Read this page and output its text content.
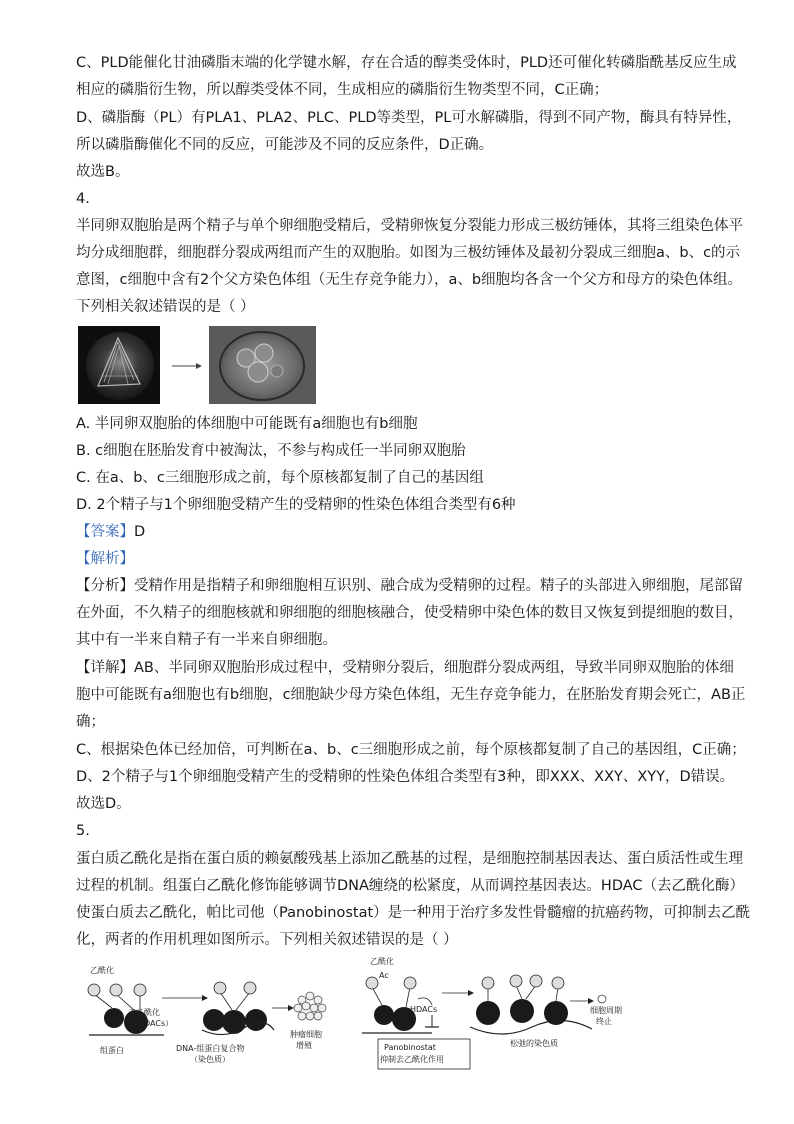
C、PLD能催化甘油磷脂末端的化学键水解，存在合适的醇类受体时，PLD还可催化转磷脂酰基反应生成
相应的磷脂衍生物，所以醇类受体不同，生成相应的磷脂衍生物类型不同，C正确；
D、磷脂酶（PL）有PLA1、PLA2、PLC、PLD等类型，PL可水解磷脂，得到不同产物，酶具有特异性，
所以磷脂酶催化不同的反应，可能涉及不同的反应条件，D正确。
故选B。
4.
半同卵双胞胎是两个精子与单个卵细胞受精后，受精卵恢复分裂能力形成三极纺锤体，其将三组染色体平
均分成细胞群，细胞群分裂成两组而产生的双胞胎。如图为三极纺锤体及最初分裂成三细胞a、b、c的示
意图，c细胞中含有2个父方染色体组（无生存竞争能力），a、b细胞均各含一个父方和母方的染色体组。
下列相关叙述错误的是（ ）
A. 半同卵双胞胎的体细胞中可能既有a细胞也有b细胞
B. c细胞在胚胎发育中被淘汰，不参与构成任一半同卵双胞胎
C. 在a、b、c三细胞形成之前，每个原核都复制了自己的基因组
D. 2个精子与1个卵细胞受精产生的受精卵的性染色体组合类型有6种
【答案】D
【解析】
【分析】受精作用是指精子和卵细胞相互识别、融合成为受精卵的过程。精子的头部进入卵细胞，尾部留
在外面，不久精子的细胞核就和卵细胞的细胞核融合，使受精卵中染色体的数目又恢复到提细胞的数目，
其中有一半来自精子有一半来自卵细胞。
【详解】AB、半同卵双胞胎形成过程中，受精卵分裂后，细胞群分裂成两组，导致半同卵双胞胎的体细
胞中可能既有a细胞也有b细胞，c细胞缺少母方染色体组，无生存竞争能力，在胚胎发育期会死亡，AB正
确；
C、根据染色体已经加倍，可判断在a、b、c三细胞形成之前，每个原核都复制了自己的基因组，C正确；
D、2个精子与1个卵细胞受精产生的受精卵的性染色体组合类型有3种，即XXX、XXY、XYY，D错误。
故选D。
5.
蛋白质乙酰化是指在蛋白质的赖氨酸残基上添加乙酰基的过程，是细胞控制基因表达、蛋白质活性或生理
过程的机制。组蛋白乙酰化修饰能够调节DNA缠绕的松紧度，从而调控基因表达。HDAC（去乙酰化酶）
使蛋白质去乙酰化，帕比司他（Panobinostat）是一种用于治疗多发性骨髓瘤的抗癌药物，可抑制去乙酰
化，两者的作用机理如图所示。下列相关叙述错误的是（ ）
乙酰化
去乙酰化
（HDACs）
组蛋白	DNA-组蛋白复合物
（染色质）
肿瘤细胞
增殖
乙酰化
HDACs
Panobinostat
抑制去乙酰化作用
松弛的染色质
细胞周期
终止
Ac
